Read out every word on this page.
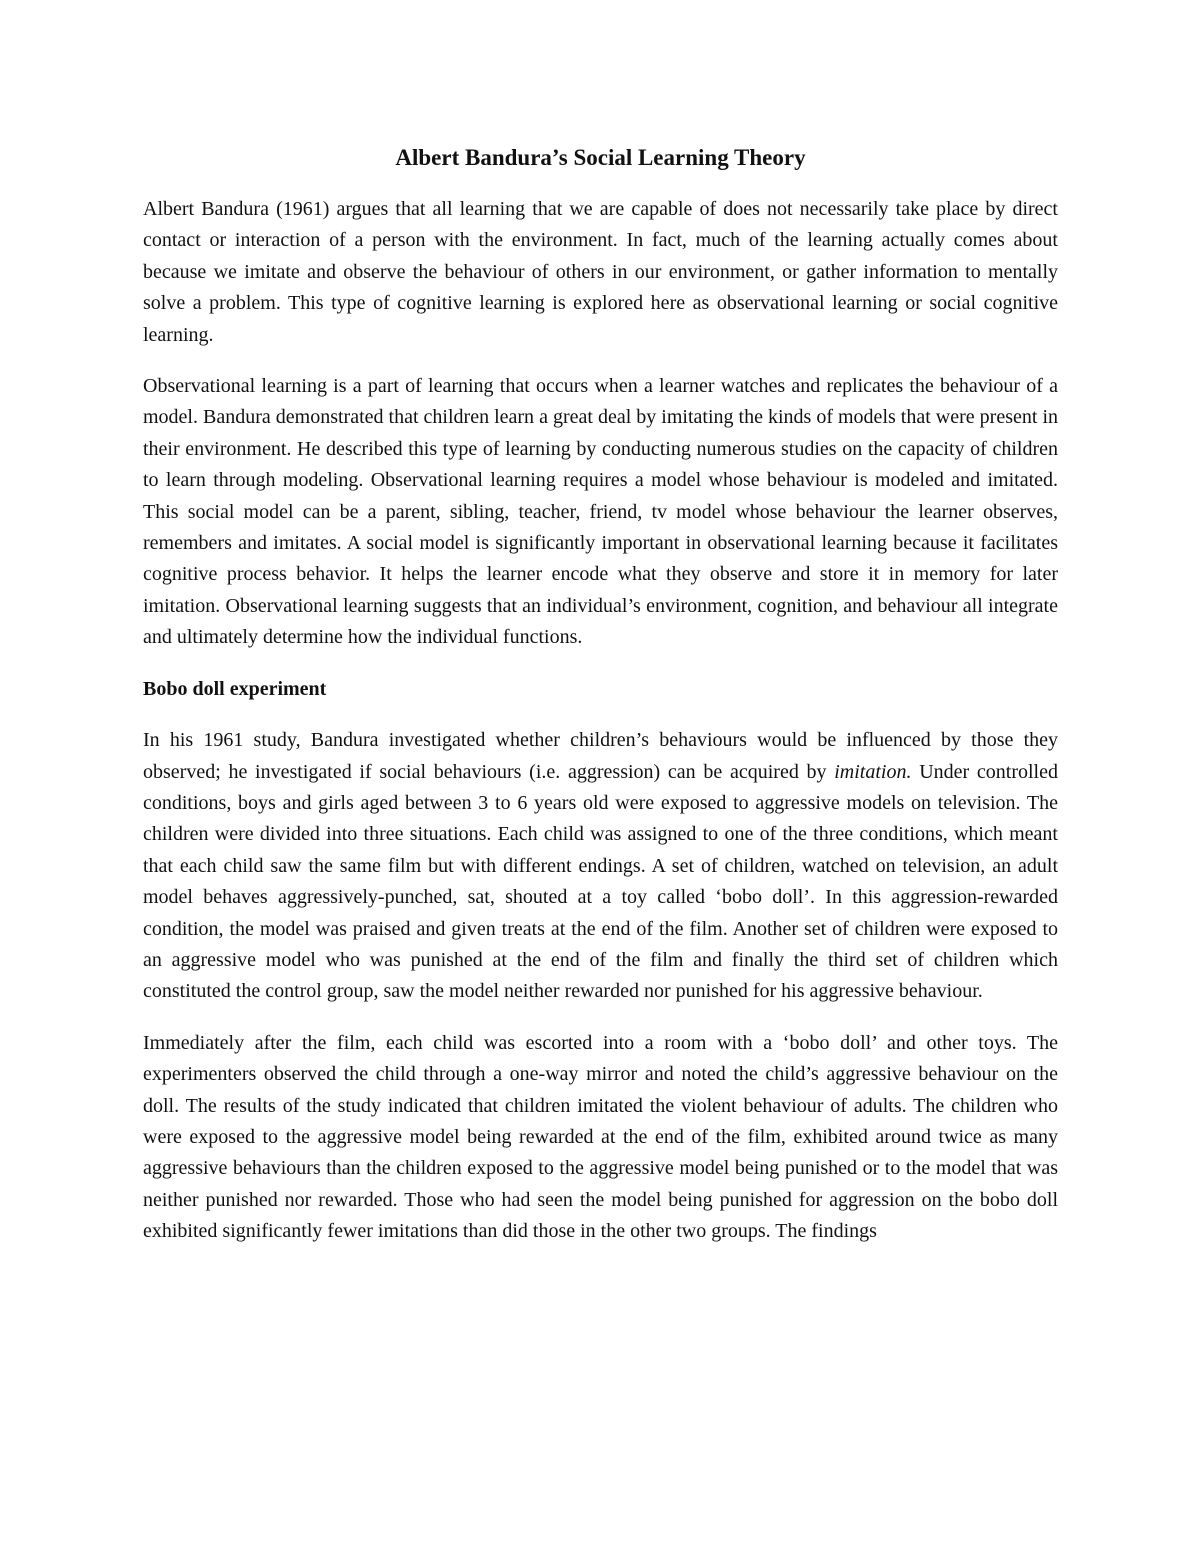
Albert Bandura’s Social Learning Theory

Albert Bandura (1961) argues that all learning that we are capable of does not necessarily take place by direct contact or interaction of a person with the environment. In fact, much of the learning actually comes about because we imitate and observe the behaviour of others in our environment, or gather information to mentally solve a problem. This type of cognitive learning is explored here as observational learning or social cognitive learning.

Observational learning is a part of learning that occurs when a learner watches and replicates the behaviour of a model. Bandura demonstrated that children learn a great deal by imitating the kinds of models that were present in their environment. He described this type of learning by conducting numerous studies on the capacity of children to learn through modeling. Observational learning requires a model whose behaviour is modeled and imitated. This social model can be a parent, sibling, teacher, friend, tv model whose behaviour the learner observes, remembers and imitates. A social model is significantly important in observational learning because it facilitates cognitive process behavior. It helps the learner encode what they observe and store it in memory for later imitation. Observational learning suggests that an individual’s environment, cognition, and behaviour all integrate and ultimately determine how the individual functions.

Bobo doll experiment

In his 1961 study, Bandura investigated whether children’s behaviours would be influenced by those they observed; he investigated if social behaviours (i.e. aggression) can be acquired by imitation. Under controlled conditions, boys and girls aged between 3 to 6 years old were exposed to aggressive models on television. The children were divided into three situations. Each child was assigned to one of the three conditions, which meant that each child saw the same film but with different endings. A set of children, watched on television, an adult model behaves aggressively-punched, sat, shouted at a toy called ‘bobo doll’. In this aggression-rewarded condition, the model was praised and given treats at the end of the film. Another set of children were exposed to an aggressive model who was punished at the end of the film and finally the third set of children which constituted the control group, saw the model neither rewarded nor punished for his aggressive behaviour.

Immediately after the film, each child was escorted into a room with a ‘bobo doll’ and other toys. The experimenters observed the child through a one-way mirror and noted the child’s aggressive behaviour on the doll. The results of the study indicated that children imitated the violent behaviour of adults. The children who were exposed to the aggressive model being rewarded at the end of the film, exhibited around twice as many aggressive behaviours than the children exposed to the aggressive model being punished or to the model that was neither punished nor rewarded. Those who had seen the model being punished for aggression on the bobo doll exhibited significantly fewer imitations than did those in the other two groups. The findings
